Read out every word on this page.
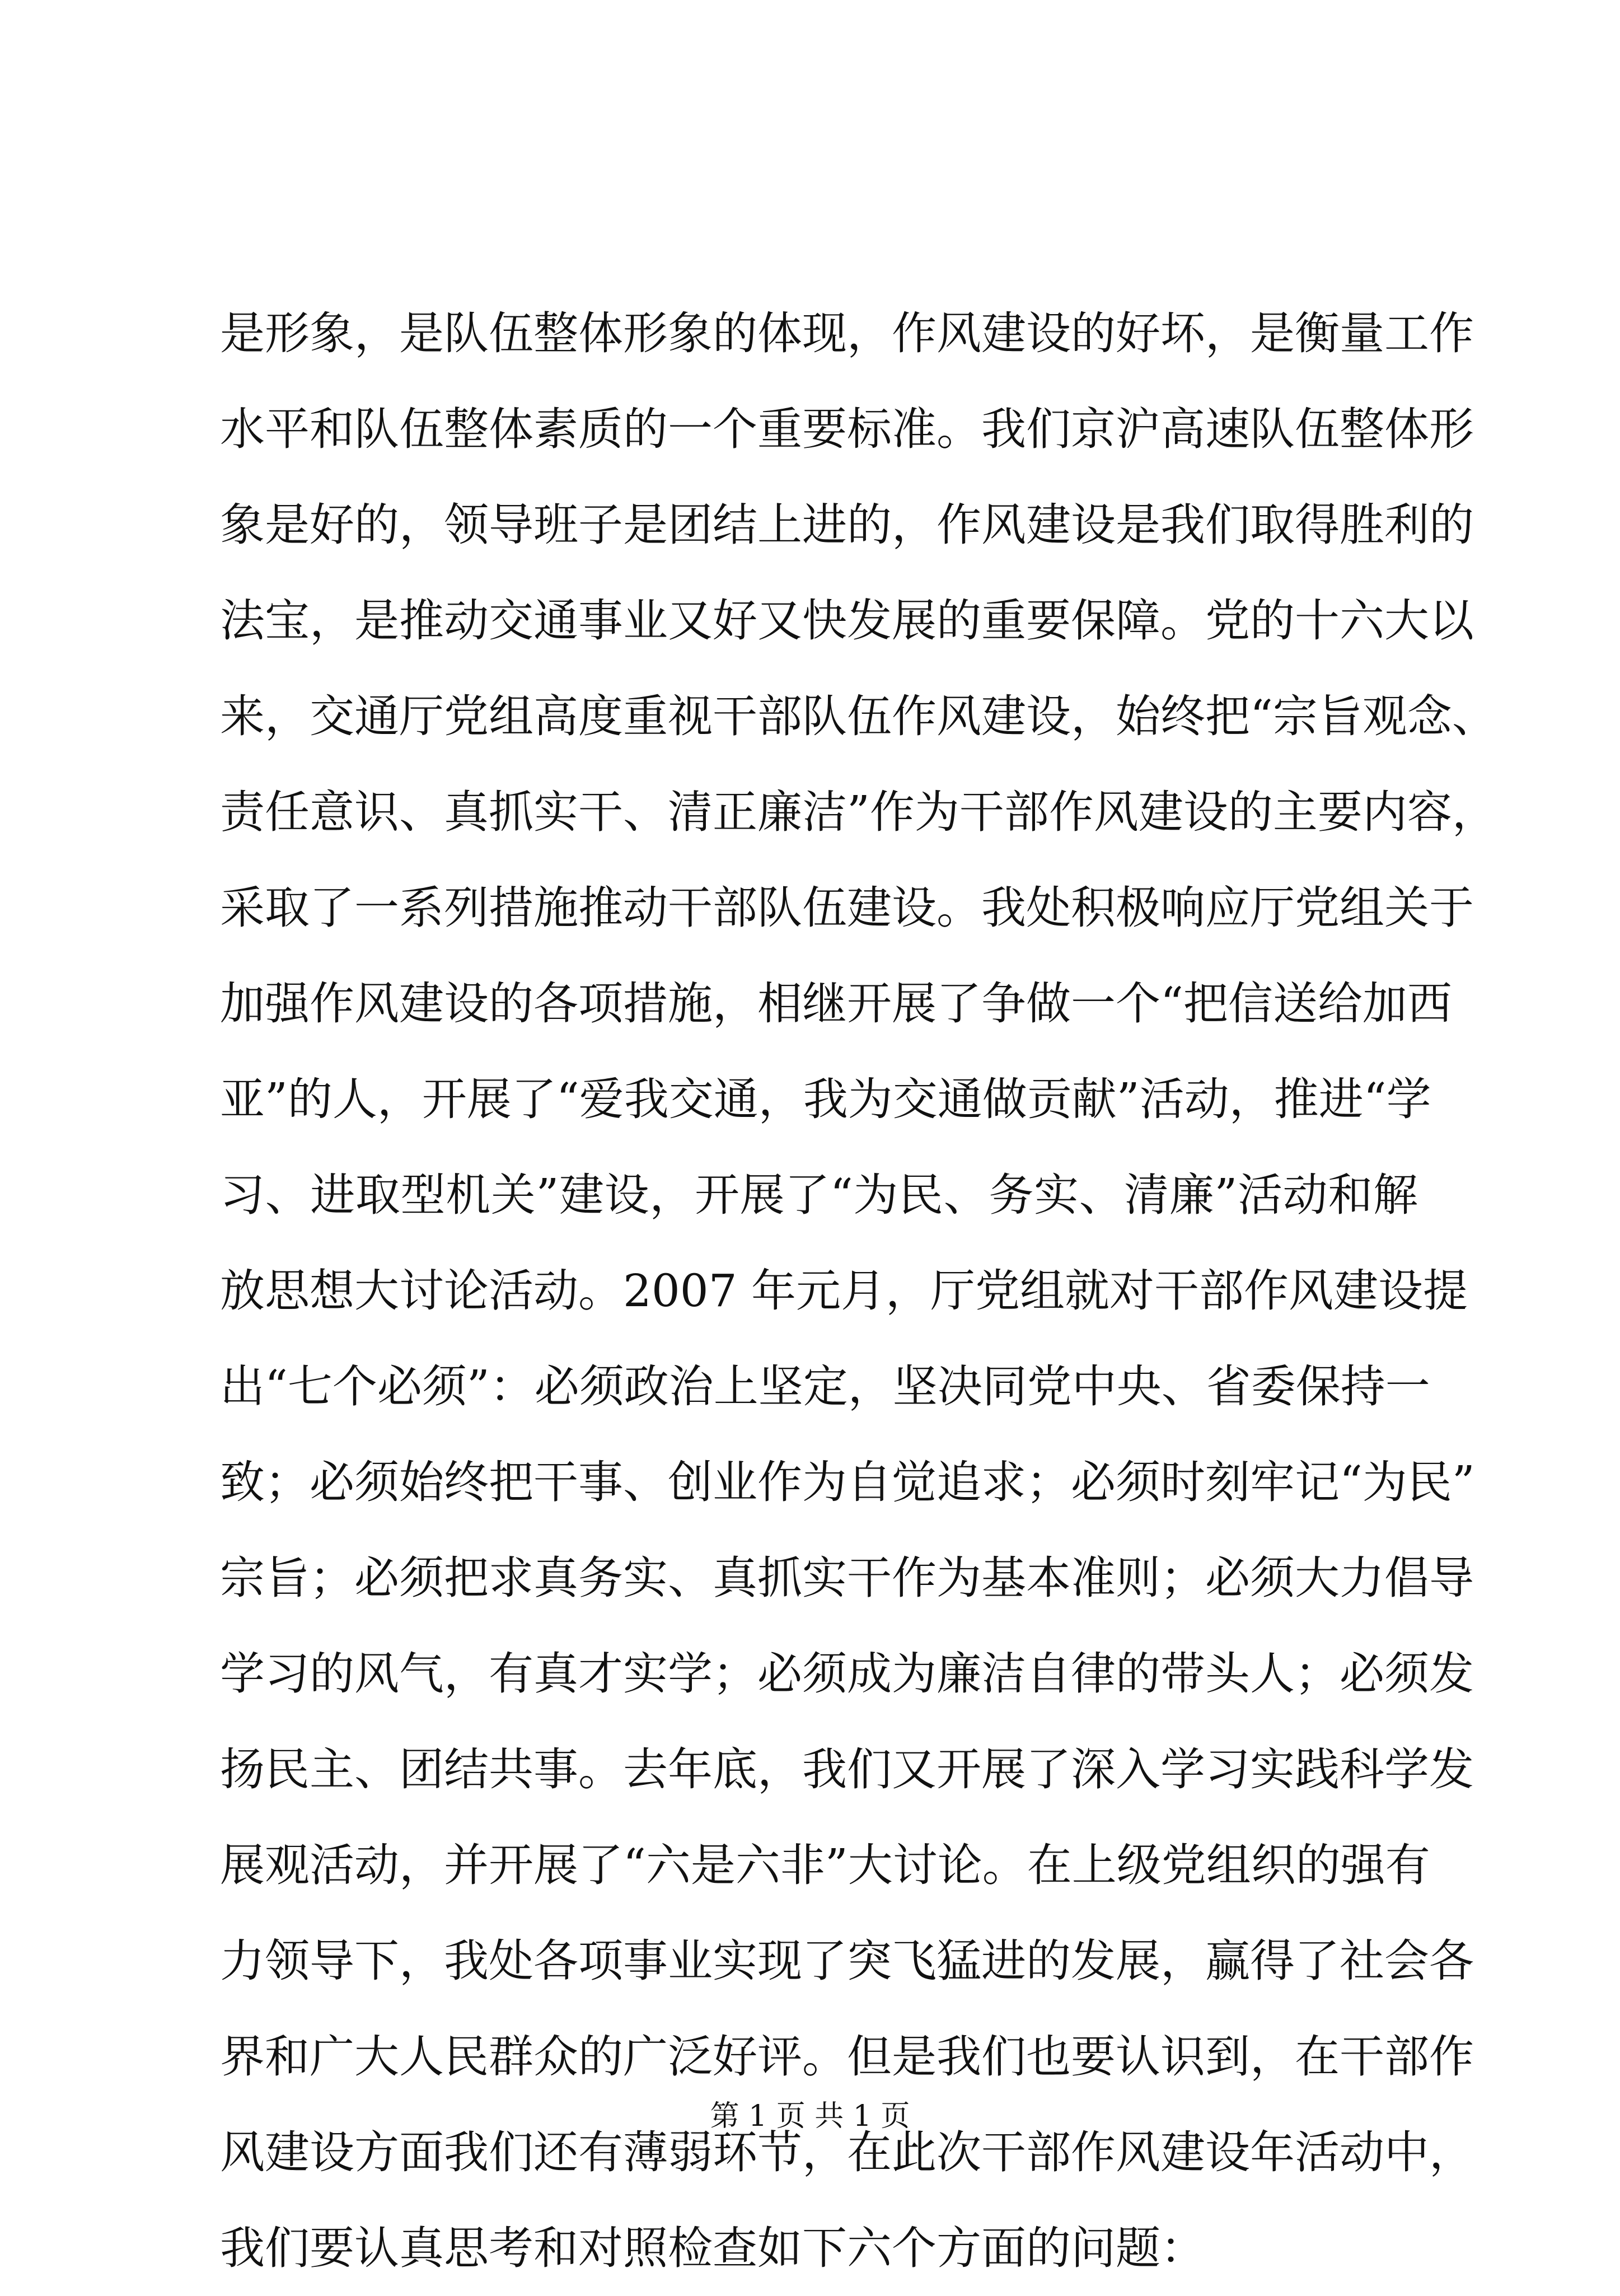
是形象，是队伍整体形象的体现，作风建设的好坏，是衡量工作
水平和队伍整体素质的一个重要标准。我们京沪高速队伍整体形
象是好的，领导班子是团结上进的，作风建设是我们取得胜利的
法宝，是推动交通事业又好又快发展的重要保障。党的十六大以
来，交通厅党组高度重视干部队伍作风建设，始终把“宗旨观念、
责任意识、真抓实干、清正廉洁”作为干部作风建设的主要内容，
采取了一系列措施推动干部队伍建设。我处积极响应厅党组关于
加强作风建设的各项措施，相继开展了争做一个“把信送给加西
亚”的人，开展了“爱我交通，我为交通做贡献”活动，推进“学
习、进取型机关”建设，开展了“为民、务实、清廉”活动和解
放思想大讨论活动。2007 年元月，厅党组就对干部作风建设提
出“七个必须”：必须政治上坚定，坚决同党中央、省委保持一
致；必须始终把干事、创业作为自觉追求；必须时刻牢记“为民”
宗旨；必须把求真务实、真抓实干作为基本准则；必须大力倡导
学习的风气，有真才实学；必须成为廉洁自律的带头人；必须发
扬民主、团结共事。去年底，我们又开展了深入学习实践科学发
展观活动，并开展了“六是六非”大讨论。在上级党组织的强有
力领导下，我处各项事业实现了突飞猛进的发展，赢得了社会各
界和广大人民群众的广泛好评。但是我们也要认识到，在干部作
风建设方面我们还有薄弱环节，在此次干部作风建设年活动中，
我们要认真思考和对照检查如下六个方面的问题：
第 1 页 共 1 页
